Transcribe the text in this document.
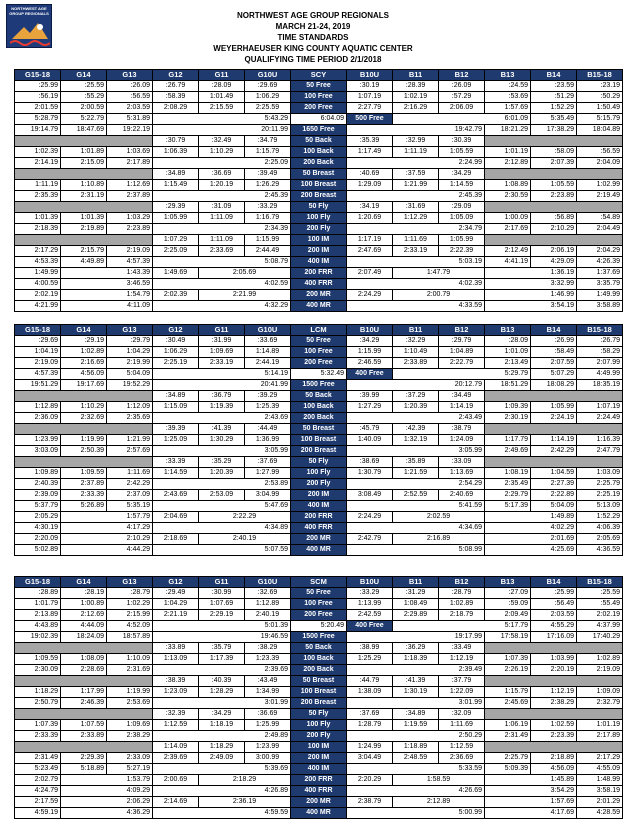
NORTHWEST AGE
GROUP REGIONALS	NORTHWEST AGE GROUP REGIONALS
MARCH 21-24, 2019
TIME STANDARDS
WEYERHAEUSER KING COUNTY AQUATIC CENTER
QUALIFYING TIME PERIOD 2/1/2018
G15-18	G14	G13	G12	G11	G10U	SCY	B10U	B11	B12	B13	B14	B15-18	
:25.99	:25.59	:26.09	:26.79	:28.09	:29.69	50 Free	:30.19	:28.39	:26.09	:24.59	:23.59	:23.19	
:56.19	:55.29	:56.59	:58.39	1:01.49	1:06.29	100 Free	1:07.19	1:02.19	:57.29	:53.69	:51.29	:50.29	
2:01.59	2:00.59	2:03.59	2:08.29	2:15.59	2:25.59	200 Free	2:27.79	2:16.29	2:06.09	1:57.69	1:52.29	1:50.49	
5:28.79	5:22.79	5:31.89	5:43.29			6:04.09	500 Free	6:01.09			5:35.49	5:15.79		
19:14.79	18:47.69	19:22.19	20:11.99			1650 Free	19:42.79			18:21.29	17:38.29	18:04.89	
			:30.79	:32.49	:34.79	50 Back	:35.39	:32.99	:30.39				
1:02.39	1:01.89	1:03.69	1:06.39	1:10.29	1:15.79	100 Back	1:17.49	1:11.19	1:05.59	1:01.19	:58.09	:56.59	
2:14.19	2:15.09	2:17.89	2:25.09			200 Back	2:24.99			2:12.89	2:07.39	2:04.09	
			:34.89	:36.69	:39.49	50 Breast	:40.69	:37.59	:34.29				
1:11.19	1:10.89	1:12.69	1:15.49	1:20.19	1:26.29	100 Breast	1:29.09	1:21.99	1:14.59	1:08.89	1:05.59	1:02.99	
2:35.39	2:31.19	2:37.89	2:45.39			200 Breast	2:45.39			2:30.59	2:23.89	2:19.49	
			:29.39	:31.09	:33.29	50 Fly	:34.19	:31.69	:29.09				
1:01.39	1:01.39	1:03.29	1:05.99	1:11.09	1:16.79	100 Fly	1:20.69	1:12.29	1:05.09	1:00.09	:56.89	:54.89	
2:18.39	2:19.89	2:23.89	2:34.39			200 Fly	2:34.79			2:17.69	2:10.29	2:04.49	
			1:07.29	1:11.09	1:15.99	100 IM	1:17.19	1:11.69	1:05.99				
2:17.29	2:15.79	2:19.09	2:25.09	2:33.69	2:44.49	200 IM	2:47.69	2:33.19	2:22.39	2:12.49	2:06.19	2:04.29	
4:53.39	4:49.89	4:57.39	5:08.79			400 IM	5:03.19			4:41.19	4:29.09	4:26.39	
1:49.99	1:43.39		1:49.69	2:05.69		200 FRR	2:07.49	1:47.79		1:36.19		1:37.69	
4:00.59	3:46.59		4:02.59			400 FRR	4:02.39			3:32.99		3:35.79	
2:02.19	1:54.79		2:02.39	2:21.99		200 MR	2:24.29	2:00.79		1:46.99		1:49.99	
4:21.99	4:11.09		4:32.29			400 MR	4:33.59			3:54.19		3:58.89	
G15-18	G14	G13	G12	G11	G10U	LCM	B10U	B11	B12	B13	B14	B15-18	
:29.69	:29.19	:29.79	:30.49	:31.99	:33.69	50 Free	:34.29	:32.29	:29.79	:28.09	:26.99	:26.79	
1:04.19	1:02.89	1:04.29	1:06.29	1:09.69	1:14.89	100 Free	1:15.99	1:10.49	1:04.89	1:01.09	:58.49	:58.29	
2:19.09	2:16.69	2:19.99	2:25.19	2:33.19	2:44.19	200 Free	2:46.59	2:33.89	2:22.79	2:13.49	2:07.59	2:07.99	
4:57.39	4:56.09	5:04.09	5:14.19			5:32.49	400 Free	5:29.79			5:07.29	4:49.99		
19:51.29	19:17.69	19:52.29	20:41.99			1500 Free	20:12.79			18:51.29	18:08.29	18:35.19	
			:34.89	:36.79	:39.29	50 Back	:39.99	:37.29	:34.49				
1:12.89	1:10.29	1:12.09	1:15.09	1:19.39	1:25.39	100 Back	1:27.29	1:20.39	1:14.19	1:09.39	1:05.99	1:07.19	
2:36.09	2:32.69	2:35.69	2:43.69			200 Back	2:43.49			2:30.19	2:24.19	2:24.49	
			:39.39	:41.39	:44.49	50 Breast	:45.79	:42.39	:38.79				
1:23.99	1:19.99	1:21.99	1:25.09	1:30.29	1:36.99	100 Breast	1:40.09	1:32.19	1:24.09	1:17.79	1:14.19	1:16.39	
3:03.09	2:50.39	2:57.69	3:05.99			200 Breast	3:05.99			2:49.69	2:42.29	2:47.79	
			:33.39	:35.29	:37.69	50 Fly	:38.69	:35.89	:33.09				
1:09.89	1:09.59	1:11.69	1:14.59	1:20.39	1:27.99	100 Fly	1:30.79	1:21.59	1:13.69	1:08.19	1:04.59	1:03.09	
2:40.39	2:37.89	2:42.29	2:53.89			200 Fly	2:54.29			2:35.49	2:27.39	2:25.79	
2:39.09	2:33.39	2:37.09	2:43.69	2:53.09	3:04.99	200 IM	3:08.49	2:52.59	2:40.69	2:29.79	2:22.89	2:25.19	
5:37.79	5:26.89	5:35.19	5:47.69			400 IM	5:41.59			5:17.39	5:04.09	5:13.09	
2:05.29	1:57.79		2:04.69	2:22.29		200 FRR	2:24.29	2:02.59		1:49.89		1:52.29	
4:30.19	4:17.29		4:34.89			400 FRR	4:34.69			4:02.29		4:06.39	
2:20.09	2:10.29		2:18.69	2:40.19		200 MR	2:42.79	2:16.89		2:01.69		2:05.69	
5:02.89	4:44.29		5:07.59			400 MR	5:08.99			4:25.69		4:36.59	
G15-18	G14	G13	G12	G11	G10U	SCM	B10U	B11	B12	B13	B14	B15-18	
:28.89	:28.19	:28.79	:29.49	:30.99	:32.69	50 Free	:33.29	:31.29	:28.79	:27.09	:25.99	:25.59	
1:01.79	1:00.89	1:02.29	1:04.29	1:07.69	1:12.89	100 Free	1:13.99	1:08.49	1:02.89	:59.09	:56.49	:55.49	
2:13.89	2:12.69	2:15.99	2:21.19	2:29.19	2:40.19	200 Free	2:42.59	2:29.89	2:18.79	2:09.49	2:03.59	2:02.19	
4:43.89	4:44.09	4:52.09	5:01.39			5:20.49	400 Free	5:17.79			4:55.29	4:37.99		
19:02.39	18:24.09	18:57.89	19:46.59			1500 Free	19:17.99			17:58.19	17:16.09	17:40.29	
			:33.89	:35.79	:38.29	50 Back	:38.99	:36.29	:33.49				
1:09.59	1:08.09	1:10.09	1:13.09	1:17.39	1:23.39	100 Back	1:25.29	1:18.39	1:12.19	1:07.39	1:03.99	1:02.89	
2:30.09	2:28.69	2:31.69	2:39.69			200 Back	2:39.49			2:26.19	2:20.19	2:19.09	
			:38.39	:40.39	:43.49	50 Breast	:44.79	:41.39	:37.79				
1:18.29	1:17.99	1:19.99	1:23.09	1:28.29	1:34.99	100 Breast	1:38.09	1:30.19	1:22.09	1:15.79	1:12.19	1:09.09	
2:50.79	2:46.39	2:53.69	3:01.99			200 Breast	3:01.99			2:45.69	2:38.29	2:32.79	
			:32.39	:34.29	:36.69	50 Fly	:37.69	:34.89	:32.09				
1:07.39	1:07.59	1:09.69	1:12.59	1:18.19	1:25.99	100 Fly	1:28.79	1:19.59	1:11.69	1:06.19	1:02.59	1:01.19	
2:33.39	2:33.89	2:38.29	2:49.89			200 Fly	2:50.29			2:31.49	2:23.39	2:17.89	
			1:14.09	1:18.29	1:23.99	100 IM	1:24.99	1:18.89	1:12.59				
2:31.49	2:29.39	2:33.09	2:39.69	2:49.09	3:00.99	200 IM	3:04.49	2:48.59	2:36.69	2:25.79	2:18.89	2:17.29	
5:23.49	5:18.89	5:27.19	5:39.69			400 IM	5:33.59			5:09.39	4:56.09	4:55.09	
2:02.79	1:53.79		2:00.69	2:18.29		200 FRR	2:20.29	1:58.59		1:45.89		1:48.99	
4:24.79	4:09.29		4:26.89			400 FRR	4:26.69			3:54.29		3:58.19	
2:17.59	2:06.29		2:14.69	2:36.19		200 MR	2:38.79	2:12.89		1:57.69		2:01.29	
4:59.19	4:36.29		4:59.59			400 MR	5:00.99			4:17.69		4:28.59	
